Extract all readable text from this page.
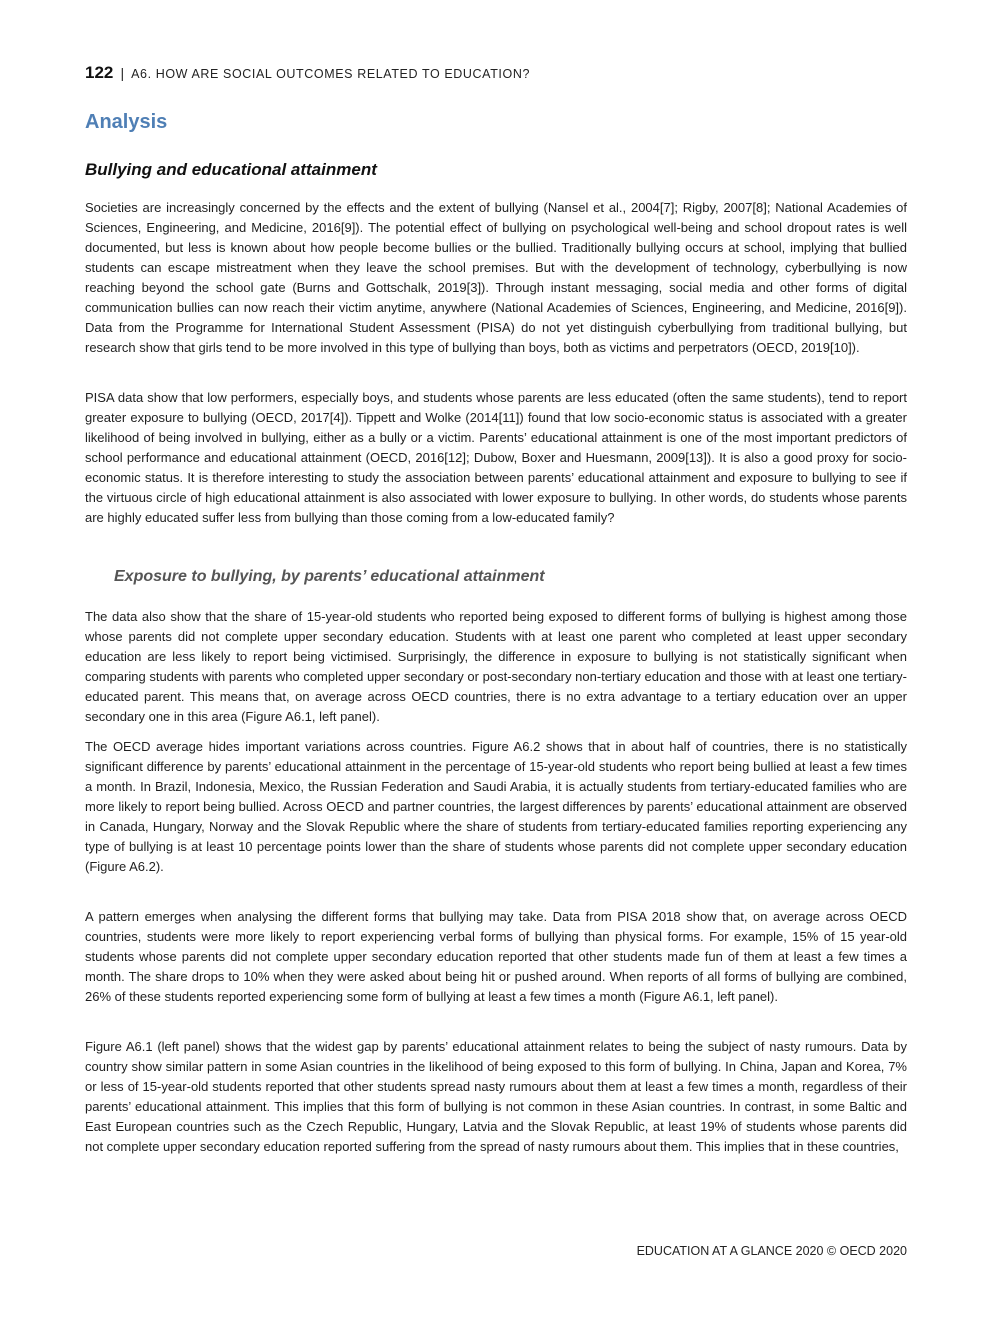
122 | A6. HOW ARE SOCIAL OUTCOMES RELATED TO EDUCATION?
Analysis
Bullying and educational attainment

Societies are increasingly concerned by the effects and the extent of bullying (Nansel et al., 2004[7]; Rigby, 2007[8]; National Academies of Sciences, Engineering, and Medicine, 2016[9]). The potential effect of bullying on psychological well-being and school dropout rates is well documented, but less is known about how people become bullies or the bullied. Traditionally bullying occurs at school, implying that bullied students can escape mistreatment when they leave the school premises. But with the development of technology, cyberbullying is now reaching beyond the school gate (Burns and Gottschalk, 2019[3]). Through instant messaging, social media and other forms of digital communication bullies can now reach their victim anytime, anywhere (National Academies of Sciences, Engineering, and Medicine, 2016[9]). Data from the Programme for International Student Assessment (PISA) do not yet distinguish cyberbullying from traditional bullying, but research show that girls tend to be more involved in this type of bullying than boys, both as victims and perpetrators (OECD, 2019[10]).

PISA data show that low performers, especially boys, and students whose parents are less educated (often the same students), tend to report greater exposure to bullying (OECD, 2017[4]). Tippett and Wolke (2014[11]) found that low socio-economic status is associated with a greater likelihood of being involved in bullying, either as a bully or a victim. Parents’ educational attainment is one of the most important predictors of school performance and educational attainment (OECD, 2016[12]; Dubow, Boxer and Huesmann, 2009[13]). It is also a good proxy for socio-economic status. It is therefore interesting to study the association between parents’ educational attainment and exposure to bullying to see if the virtuous circle of high educational attainment is also associated with lower exposure to bullying. In other words, do students whose parents are highly educated suffer less from bullying than those coming from a low-educated family?

Exposure to bullying, by parents’ educational attainment

The data also show that the share of 15-year-old students who reported being exposed to different forms of bullying is highest among those whose parents did not complete upper secondary education. Students with at least one parent who completed at least upper secondary education are less likely to report being victimised. Surprisingly, the difference in exposure to bullying is not statistically significant when comparing students with parents who completed upper secondary or post-secondary non-tertiary education and those with at least one tertiary-educated parent. This means that, on average across OECD countries, there is no extra advantage to a tertiary education over an upper secondary one in this area (Figure A6.1, left panel).

The OECD average hides important variations across countries. Figure A6.2 shows that in about half of countries, there is no statistically significant difference by parents’ educational attainment in the percentage of 15-year-old students who report being bullied at least a few times a month. In Brazil, Indonesia, Mexico, the Russian Federation and Saudi Arabia, it is actually students from tertiary-educated families who are more likely to report being bullied. Across OECD and partner countries, the largest differences by parents’ educational attainment are observed in Canada, Hungary, Norway and the Slovak Republic where the share of students from tertiary-educated families reporting experiencing any type of bullying is at least 10 percentage points lower than the share of students whose parents did not complete upper secondary education (Figure A6.2).

A pattern emerges when analysing the different forms that bullying may take. Data from PISA 2018 show that, on average across OECD countries, students were more likely to report experiencing verbal forms of bullying than physical forms. For example, 15% of 15 year-old students whose parents did not complete upper secondary education reported that other students made fun of them at least a few times a month. The share drops to 10% when they were asked about being hit or pushed around. When reports of all forms of bullying are combined, 26% of these students reported experiencing some form of bullying at least a few times a month (Figure A6.1, left panel).

Figure A6.1 (left panel) shows that the widest gap by parents’ educational attainment relates to being the subject of nasty rumours. Data by country show similar pattern in some Asian countries in the likelihood of being exposed to this form of bullying. In China, Japan and Korea, 7% or less of 15-year-old students reported that other students spread nasty rumours about them at least a few times a month, regardless of their parents’ educational attainment. This implies that this form of bullying is not common in these Asian countries. In contrast, in some Baltic and East European countries such as the Czech Republic, Hungary, Latvia and the Slovak Republic, at least 19% of students whose parents did not complete upper secondary education reported suffering from the spread of nasty rumours about them. This implies that in these countries,

EDUCATION AT A GLANCE 2020 © OECD 2020
